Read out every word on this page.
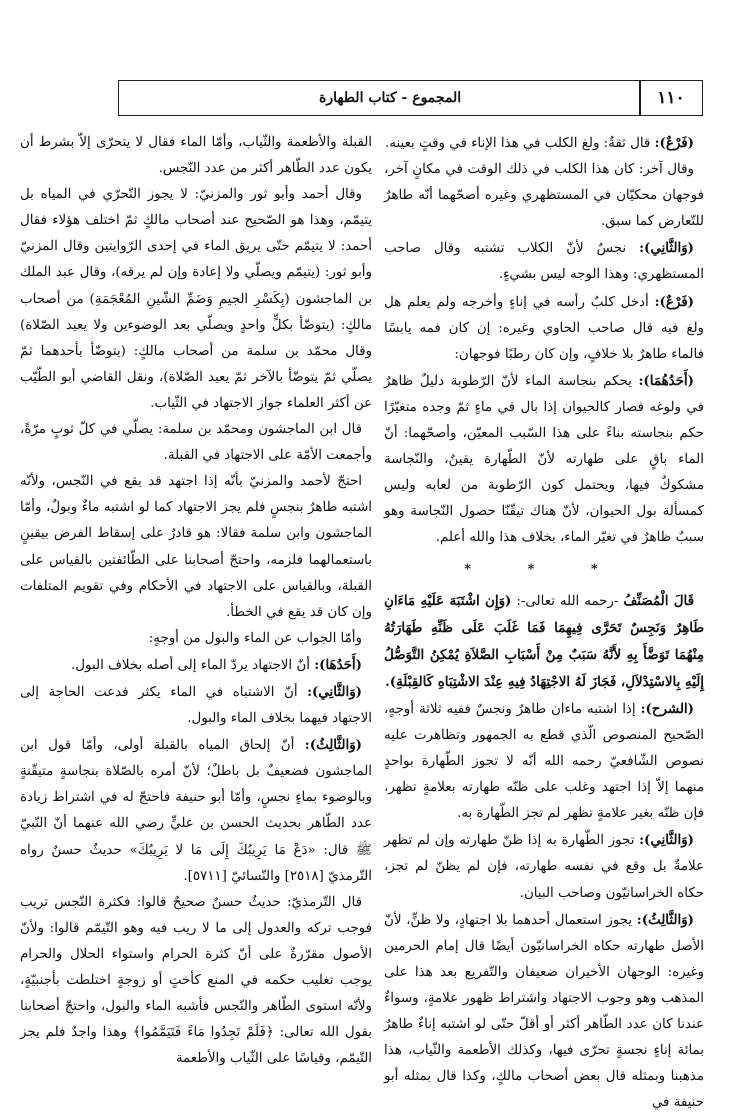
١١٠
المجموع - كتاب الطهارة

(فَرْعٌ): قال ثقةٌ: ولغ الكلب في هذا الإناء في وقتٍ بعينه.

وقال آخر: كان هذا الكلب في ذلك الوقت في مكانٍ آخر، فوجهان محكيّان في المستظهري وغيره أصحّهما أنّه طاهرٌ للتّعارض كما سبق.

(وَالثَّانِي): نجسٌ لأنّ الكلاب تشتبه وقال صاحب المستظهري: وهذا الوجه ليس بشيءٍ.

(فَرْعٌ): أدخل كلبٌ رأسه في إناءٍ وأخرجه ولم يعلم هل ولغ فيه قال صاحب الحاوي وغيره: إن كان فمه يابسًا فالماء طاهرٌ بلا خلافٍ، وإن كان رطبًا فوجهان:

(أَحَدُهُمَا): يحكم بنجاسة الماء لأنّ الرّطوبة دليلٌ ظاهرٌ في ولوغه فصار كالحيوان إذا بال في ماءٍ ثمّ وجده متغيّرًا حكم بنجاسته بناءً على هذا السّبب المعيّن، وأصحّهما: أنّ الماء باقٍ على طهارته لأنّ الطّهارة يقينٌ، والنّجاسة مشكوكٌ فيها، ويحتمل كون الرّطوبة من لعابه وليس كمسألة بول الحيوان، لأنّ هناك تيقّنّا حصول النّجاسة وهو سببٌ ظاهرٌ في تغيّر الماء، بخلاف هذا والله أعلم.

* * *

قَالَ الْمُصَنِّفُ -رحمه الله تعالى-: (وَإِن اشْتَبَهَ عَلَيْهِ مَاءَانِ طَاهِرٌ وَنَجِسٌ تَحَرَّى فِيهِمَا فَمَا غَلَبَ عَلَى ظَنِّهِ طَهَارَتُهُ مِنْهُمَا تَوَضَّأَ بِهِ لأَنَّهُ سَبَبٌ مِنْ أَسْبَابِ الصَّلاَةِ يُمْكِنُ التَّوَصُّلُ إِلَيْهِ بِالاسْتِدْلاَلِ، فَجَازَ لَهُ الاجْتِهَادُ فِيهِ عِنْدَ الاشْتِبَاهِ كَالقِبْلَةِ).

(الشرح): إذا اشتبه ماءان طاهرٌ ونجسٌ ففيه ثلاثة أوجهٍ، الصّحيح المنصوص الّذي قطع به الجمهور وتظاهرت عليه نصوص الشّافعيّ رحمه الله أنّه لا تجوز الطّهارة بواحدٍ منهما إلاّ إذا اجتهد وغلب على ظنّه طهارته بعلامةٍ تظهر، فإن ظنّه بغير علامةٍ تظهر لم تجز الطّهارة به.

(وَالثَّانِي): تجوز الطّهارة به إذا ظنّ طهارته وإن لم تظهر علامةٌ بل وقع في نفسه طهارته، فإن لم يظنّ لم تجز، حكاه الخراسانيّون وصاحب البيان.

(وَالثَّالِثُ): يجوز استعمال أحدهما بلا اجتهادٍ، ولا ظنٍّ، لأنّ الأصل طهارته حكاه الخراسانيّون أيضًا قال إمام الحرمين وغيره: الوجهان الأخيران ضعيفان والتّفريع بعد هذا على المذهب وهو وجوب الاجتهاد واشتراط ظهور علامةٍ، وسواءٌ عندنا كان عدد الطّاهر أكثر أو أقلّ حتّى لو اشتبه إناءٌ طاهرٌ بمائة إناءٍ نجسةٍ تحرّى فيها، وكذلك الأطعمة والثّياب، هذا مذهبنا وبمثله قال بعض أصحاب مالكٍ، وكذا قال بمثله أبو حنيفة في

القبلة والأطعمة والثّياب، وأمّا الماء فقال لا يتحرّى إلاّ بشرط أن يكون عدد الطّاهر أكثر من عدد النّجس.

وقال أحمد وأبو ثور والمزنيّ: لا يجوز التّحرّي في المياه بل يتيمّم، وهذا هو الصّحيح عند أصحاب مالكٍ ثمّ اختلف هؤلاء فقال أحمد: لا يتيمّم حتّى يريق الماء في إحدى الرّوايتين وقال المزنيّ وأبو ثور: (يتيمّم ويصلّي ولا إعادة وإن لم يرقه)، وقال عبد الملك بن الماجشون (بِكَسْرِ الجيمِ وَضَمِّ الشّينِ المُعْجَمَةِ) من أصحاب مالكٍ: (يتوضّأ بكلٍّ واحدٍ ويصلّي بعد الوضوءين ولا يعيد الصّلاة) وقال محمّد بن سلمة من أصحاب مالكٍ: (يتوضّأ بأحدهما ثمّ يصلّي ثمّ يتوضّأ بالآخر ثمّ يعيد الصّلاة)، ونقل القاضي أبو الطّيّب عن أكثر العلماء جواز الاجتهاد في الثّياب.

قال ابن الماجشون ومحمّد بن سلمة: يصلّي في كلّ ثوبٍ مرّةً، وأجمعت الأمّة على الاجتهاد في القبلة.

احتجّ لأحمد والمزنيّ بأنّه إذا اجتهد قد يقع في النّجس، ولأنّه اشتبه طاهرٌ بنجسٍ فلم يجز الاجتهاد كما لو اشتبه ماءٌ وبولٌ، وأمّا الماجشون وابن سلمة فقالا: هو قادرٌ على إسقاط الفرض بيقينٍ باستعمالهما فلزمه، واحتجّ أصحابنا على الطّائفتين بالقياس على القبلة، وبالقياس على الاجتهاد في الأحكام وفي تقويم المتلفات وإن كان قد يقع في الخطأ.

وأمّا الجواب عن الماء والبول من أوجهٍ:

(أَحَدُهَا): أنّ الاجتهاد يردّ الماء إلى أصله بخلاف البول.

(وَالثَّانِي): أنّ الاشتباه في الماء يكثر فدعت الحاجة إلى الاجتهاد فيهما بخلاف الماء والبول.

(وَالثَّالِثُ): أنّ إلحاق المياه بالقبلة أولى، وأمّا قول ابن الماجشون فضعيفٌ بل باطلٌ؛ لأنّ أمره بالصّلاة بنجاسةٍ متيقّنةٍ وبالوضوء بماءٍ نجسٍ، وأمّا أبو حنيفة فاحتجّ له في اشتراط زيادة عدد الطّاهر بحديث الحسن بن عليٍّ رضي الله عنهما أنّ النّبيّ ﷺ قال: «دَعْ مَا يَرِيبُكَ إِلَى مَا لا يَرِيبُكَ» حديثٌ حسنٌ رواه التّرمذيّ [٢٥١٨] والنّسائيّ [٥٧١١].

قال التّرمذيّ: حديثٌ حسنٌ صحيحٌ قالوا: فكثرة النّجس تريب فوجب تركه والعدول إلى ما لا ريب فيه وهو التّيمّم قالوا: ولأنّ الأصول مقرّرةٌ على أنّ كثرة الحرام واستواء الحلال والحرام يوجب تغليب حكمه في المنع كأختٍ أو زوجةٍ اختلطت بأجنبيّةٍ، ولأنّه استوى الطّاهر والنّجس فأشبه الماء والبول، واحتجّ أصحابنا بقول الله تعالى: ﴿فَلَمْ تَجِدُوا مَاءً فَتَيَمَّمُوا﴾ وهذا واجدٌ فلم يجز التّيمّم، وقياسًا على الثّياب والأطعمة
